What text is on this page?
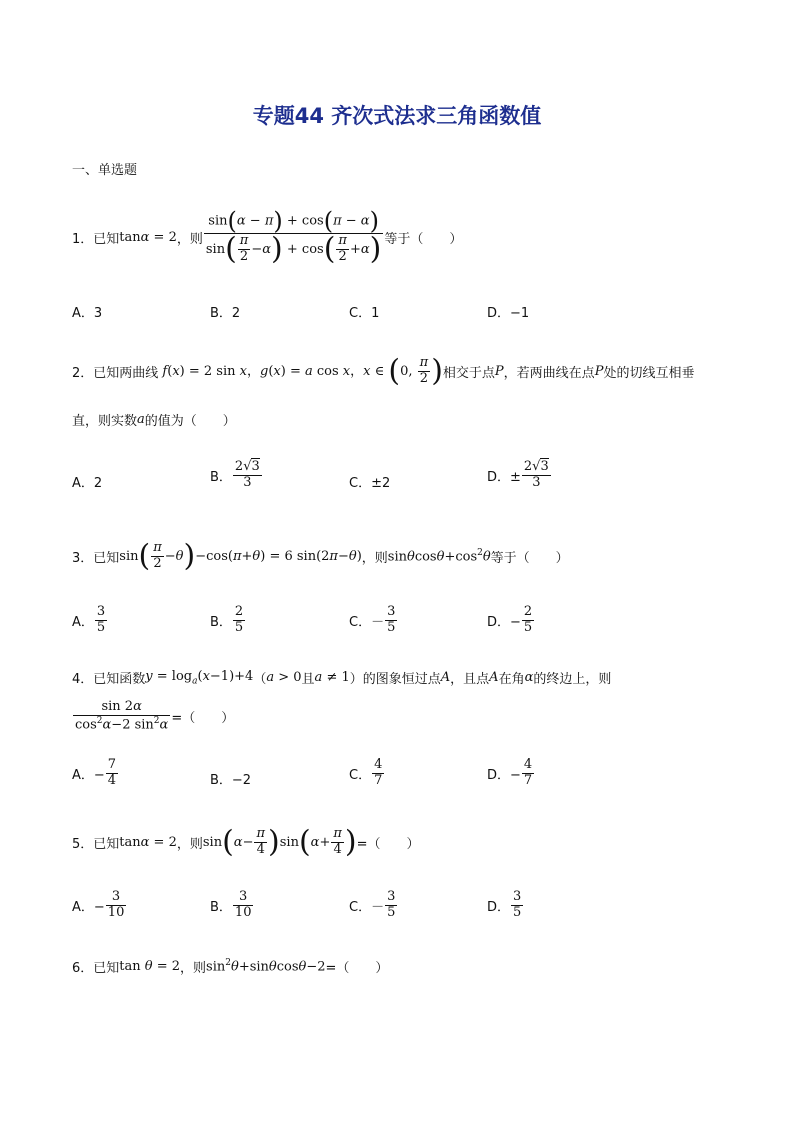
专题44 齐次式法求三角函数值
一、单选题
1．已知 tanα = 2 ，则 $\frac{\sin(\alpha - \pi) + \cos(\pi - \alpha)}{\sin( \frac{\pi}{2} -\alpha) + \cos( \frac{\pi}{2} +\alpha)}$ 等于（　　）
A．3	B．2	C．1	D．−1
2．已知两曲线 f(x) = 2 sin x，g(x) = a cos x，x ∈ (0, $\frac{\pi}{2}$ ) 相交于点 P ，若两曲线在点 P 处的切线互相垂
直，则实数 a 的值为（　　）
A．2	B． $\frac{2√3}{3}$	C．±2	D．± $\frac{2√3}{3}$
3．已知 $\sin( \frac{\pi}{2} -\theta)-\cos(\pi+\theta) = 6$ sin(2π−θ) ，则 $\sin\theta\cos\theta+\cos^2\theta$ 等于（　　）
A． $\frac{3}{5}$	B． $\frac{2}{5}$	C．－ $\frac{3}{5}$	D．− $\frac{2}{5}$
4．已知函数 $y = \log_a(x-1)+4$ （ a > 0 且 a ≠ 1 ）的图象恒过点 A ，且点 A 在角 α 的终边上，则
$\frac{\sin 2\alpha}{\cos^2\alpha-2 \sin^2\alpha}$ =（　　）
A．− $\frac{7}{4}$	B．−2	C． $\frac{4}{7}$	D．− $\frac{4}{7}$
5．已知 tanα = 2 ，则 $\sin(\alpha- \frac{\pi}{4} )\sin(\alpha+ \frac{\pi}{4}$ ) =（　　）
A．− $\frac{3}{10}$	B． $\frac{3}{10}$	C．－ $\frac{3}{5}$	D． $\frac{3}{5}$
6．已知 tan θ = 2 ，则 $\sin^2\theta+\sin\theta\cos\theta-2$ =（　　）
